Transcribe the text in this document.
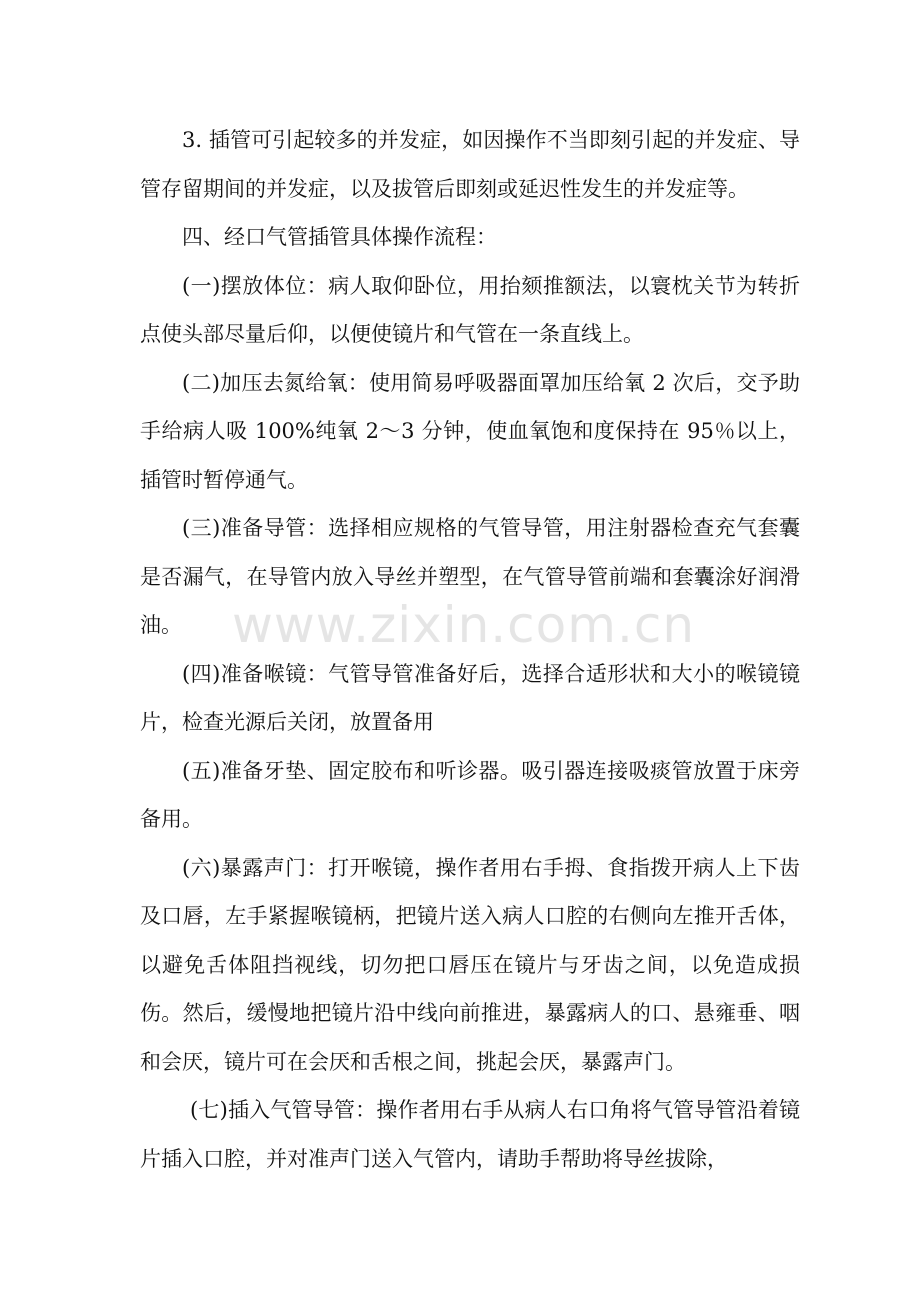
3. 插管可引起较多的并发症，如因操作不当即刻引起的并发症、导管存留期间的并发症，以及拔管后即刻或延迟性发生的并发症等。

四、经口气管插管具体操作流程：

(一)摆放体位：病人取仰卧位，用抬颏推额法，以寰枕关节为转折点使头部尽量后仰，以便使镜片和气管在一条直线上。

(二)加压去氮给氧：使用简易呼吸器面罩加压给氧 2 次后，交予助手给病人吸 100%纯氧 2～3 分钟，使血氧饱和度保持在 95％以上，插管时暂停通气。

(三)准备导管：选择相应规格的气管导管，用注射器检查充气套囊是否漏气，在导管内放入导丝并塑型，在气管导管前端和套囊涂好润滑油。

(四)准备喉镜：气管导管准备好后，选择合适形状和大小的喉镜镜片，检查光源后关闭，放置备用

(五)准备牙垫、固定胶布和听诊器。吸引器连接吸痰管放置于床旁备用。

(六)暴露声门：打开喉镜，操作者用右手拇、食指拨开病人上下齿及口唇，左手紧握喉镜柄，把镜片送入病人口腔的右侧向左推开舌体，以避免舌体阻挡视线，切勿把口唇压在镜片与牙齿之间，以免造成损伤。然后，缓慢地把镜片沿中线向前推进，暴露病人的口、悬雍垂、咽和会厌，镜片可在会厌和舌根之间，挑起会厌，暴露声门。

(七)插入气管导管：操作者用右手从病人右口角将气管导管沿着镜片插入口腔，并对准声门送入气管内，请助手帮助将导丝拔除，

www.zixin.com.cn
